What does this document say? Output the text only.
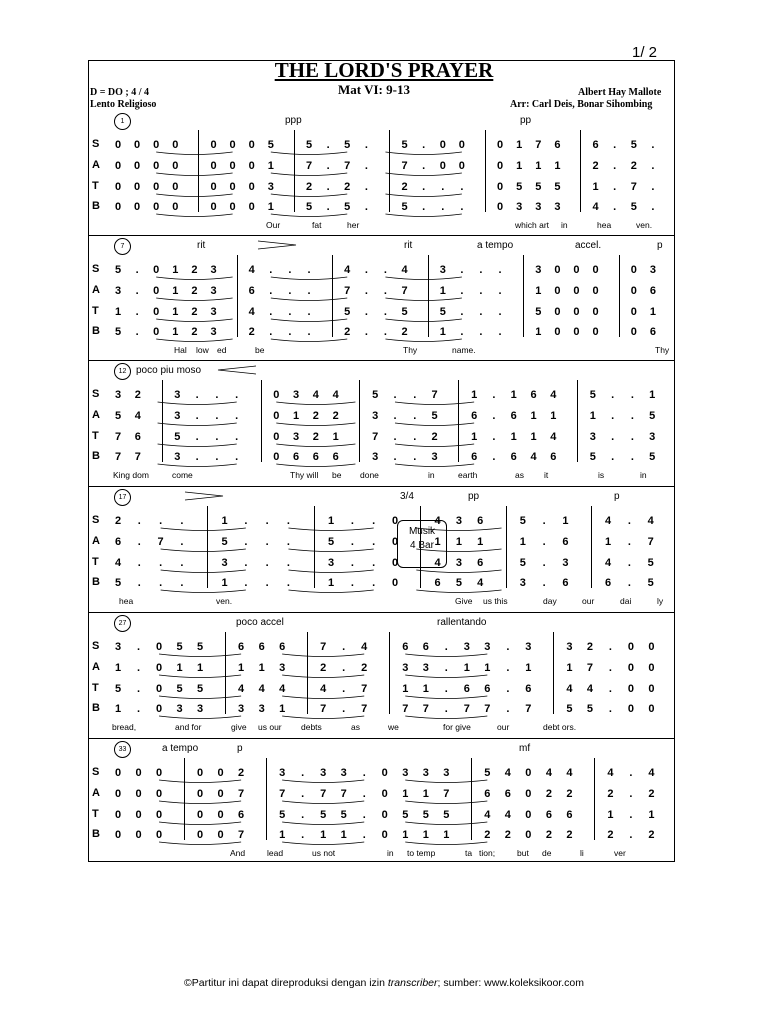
1/ 2
THE LORD'S PRAYER
D = DO ; 4 / 4
Lento Religioso
Mat VI: 9-13	Albert Hay Mallote
Arr: Carl Deis, Bonar Sihombing
1	ppp	pp
S 0 0 0 0	0 0 0 5	5	.	5	.	5	.	0 0	0 1 7 6	6	.	5	.
A 0 0 0 0	0 0 0 1	7	.	7	.	7	.	0 0	0 1 1 1	2	.	2	.
T 0 0 0 0	0 0 0 3	2	.	2	.	2	.	.	.	0 5 5 5	1	.	7	.
B 0 0 0 0	0 0 0 1	5	.	5	.	5	.	.	.	0 3 3 3	4	.	5	.
Our	fat	her	which art in	hea	ven.
7	rit	rit	a tempo	accel.	p
S 5	.	0 1 2 3	4	.	.	.	4	.	.	4	3	.	.	.	3 0 0 0	0 3
A 3	.	0 1 2 3	6	.	.	.	7	.	.	7	1	.	.	.	1 0 0 0	0 6
T 1	.	0 1 2 3	4	.	.	.	5	.	.	5	5	.	.	.	5 0 0 0	0 1
B 5	.	0 1 2 3	2	.	.	.	2	.	.	2	1	.	.	.	1 0 0 0	0 6
Hal low ed	be	Thy	name.	Thy
12 poco piu moso
S 3 2	3	.	.	.	0 3 4 4	5	.	.	7	1	.	1 6 4	5	.	.	1
A 5 4	3	.	.	.	0 1 2 2	3	.	.	5	6	.	6 1 1	1	.	.	5
T 7 6	5	.	.	.	0 3 2 1	7	.	.	2	1	.	1 1 4	3	.	.	3
B 7 7	3	.	.	.	0 6 6 6	3	.	.	3	6	.	6 4 6	5	.	.	5
King dom	come	Thy will be done	in	earth	as it	is	in
17	3/4	pp	p
S 2	.	.	.	1	.	.	.	1	.	.	0	4 3 6	5	.	1	4	.	4
A 6	.	7	.	5	.	.	.	5	.	.	0	1 1 1	1	.	6	1	.	7
T 4	.	.	.	3	.	.	.	3	.	.	0	4 3 6	5	.	3	4	.	5
B 5	.	.	.	1	.	.	.	1	.	.	0	6 5 4	3	.	6	6	.	5
Musik
4 Bar
hea	ven.	Give us this	day	our	dai	ly
27	poco accel	rallentando
S 3	.	0 5 5	6 6 6	7	.	4	6 6	.	3 3	.	3	3 2	.	0 0
A 1	.	0 1 1	1 1 3	2	.	2	3 3	.	1 1	.	1	1 7	.	0 0
T 5	.	0 5 5	4 4 4	4	.	7	1 1	.	6 6	.	6	4 4	.	0 0
B 1	.	0 3 3	3 3 1	7	.	7	7 7	.	7 7	.	7	5 5	.	0 0
bread,	and for	give us our debts	as	we	for give	our	debt ors.
33	a tempo	p	mf
S 0 0 0	0 0 2	3	.	3 3	.	0 3 3 3	5 4 0 4 4	4	.	4
A 0 0 0	0 0 7	7	.	7 7	.	0 1 1 7	6 6 0 2 2	2	.	2
T 0 0 0	0 0 6	5	.	5 5	.	0 5 5 5	4 4 0 6 6	1	.	1
B 0 0 0	0 0 7	1	.	1 1	.	0 1 1 1	2 2 0 2 2	2	.	2
And	lead	us not	in to temp	ta tion;	but de	li	ver
©Partitur ini dapat direproduksi dengan izin transcriber; sumber: www.koleksikoor.com
